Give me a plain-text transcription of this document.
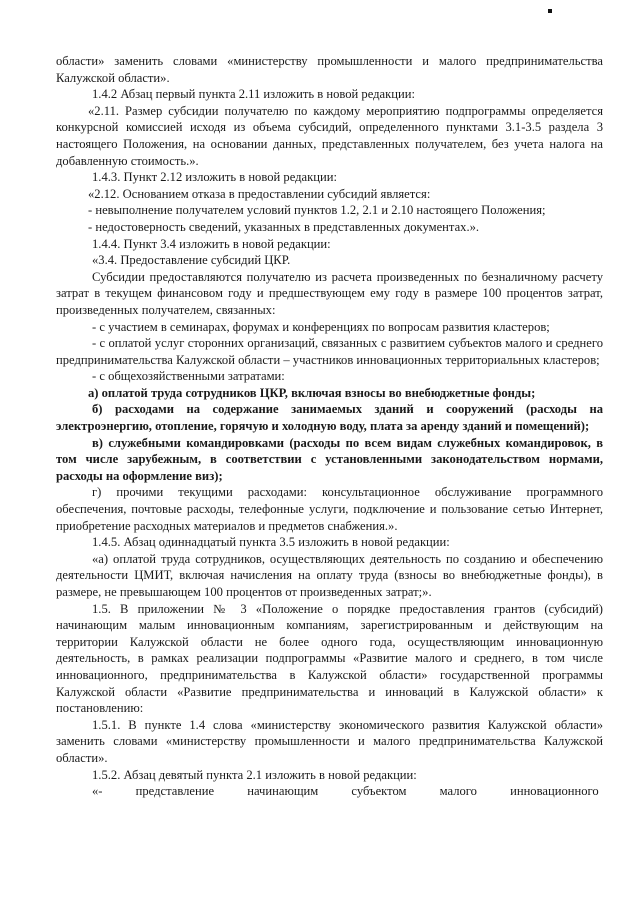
области» заменить словами «министерству промышленности и малого предпринимательства Калужской области».

1.4.2 Абзац первый пункта 2.11 изложить в новой редакции:

«2.11. Размер субсидии получателю по каждому мероприятию подпрограммы определяется конкурсной комиссией исходя из объема субсидий, определенного пунктами 3.1-3.5 раздела 3 настоящего Положения, на основании данных, представленных получателем, без учета налога на добавленную стоимость.».

1.4.3. Пункт 2.12 изложить в новой редакции:

«2.12. Основанием отказа в предоставлении субсидий является:

- невыполнение получателем условий пунктов 1.2, 2.1 и 2.10 настоящего Положения;

- недостоверность сведений, указанных в представленных документах.».

1.4.4. Пункт 3.4 изложить в новой редакции:

«3.4. Предоставление субсидий ЦКР.

Субсидии предоставляются получателю из расчета произведенных по безналичному расчету затрат в текущем финансовом году и предшествующем ему году в размере 100 процентов затрат, произведенных получателем, связанных:

- с участием в семинарах, форумах и конференциях по вопросам развития кластеров;

- с оплатой услуг сторонних организаций, связанных с развитием субъектов малого и среднего предпринимательства Калужской области – участников инновационных территориальных кластеров;

- с общехозяйственными затратами:

а) оплатой труда сотрудников ЦКР, включая взносы во внебюджетные фонды;

б) расходами на содержание занимаемых зданий и сооружений (расходы на электроэнергию, отопление, горячую и холодную воду, плата за аренду зданий и помещений);

в) служебными командировками (расходы по всем видам служебных командировок, в том числе зарубежным, в соответствии с установленными законодательством нормами, расходы на оформление виз);

г) прочими текущими расходами: консультационное обслуживание программного обеспечения, почтовые расходы, телефонные услуги, подключение и пользование сетью Интернет, приобретение расходных материалов и предметов снабжения.».

1.4.5. Абзац одиннадцатый пункта 3.5 изложить в новой редакции:

«а) оплатой труда сотрудников, осуществляющих деятельность по созданию и обеспечению деятельности ЦМИТ, включая начисления на оплату труда (взносы во внебюджетные фонды), в размере, не превышающем 100 процентов от произведенных затрат;».

1.5. В приложении № 3 «Положение о порядке предоставления грантов (субсидий) начинающим малым инновационным компаниям, зарегистрированным и действующим на территории Калужской области не более одного года, осуществляющим инновационную деятельность, в рамках реализации подпрограммы «Развитие малого и среднего, в том числе инновационного, предпринимательства в Калужской области» государственной программы Калужской области «Развитие предпринимательства и инноваций в Калужской области» к постановлению:

1.5.1. В пункте 1.4 слова «министерству экономического развития Калужской области» заменить словами «министерству промышленности и малого предпринимательства Калужской области».

1.5.2. Абзац девятый пункта 2.1 изложить в новой редакции:

«- представление начинающим субъектом малого инновационного
